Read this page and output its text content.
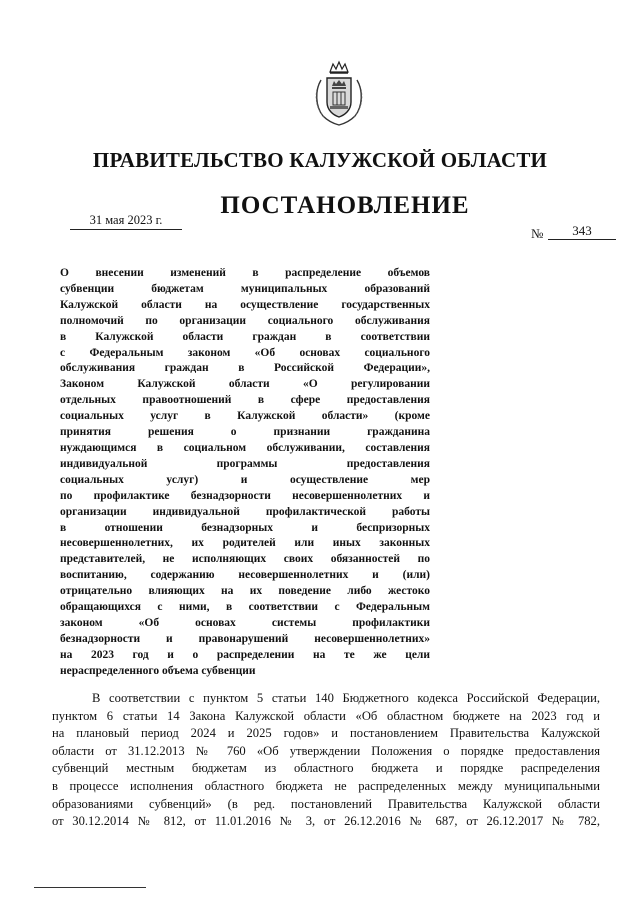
ПРАВИТЕЛЬСТВО КАЛУЖСКОЙ ОБЛАСТИ
ПОСТАНОВЛЕНИЕ
31 мая 2023 г.
№	343
О внесении изменений в распределение объемов
субвенции бюджетам муниципальных образований
Калужской области на осуществление государственных
полномочий по организации социального обслуживания
в Калужской области граждан в соответствии
с Федеральным законом «Об основах социального
обслуживания граждан в Российской Федерации»,
Законом Калужской области «О регулировании
отдельных правоотношений в сфере предоставления
социальных услуг в Калужской области» (кроме
принятия решения о признании гражданина
нуждающимся в социальном обслуживании, составления
индивидуальной программы предоставления
социальных услуг) и осуществление мер
по профилактике безнадзорности несовершеннолетних и
организации индивидуальной профилактической работы
в отношении безнадзорных и беспризорных
несовершеннолетних, их родителей или иных законных
представителей, не исполняющих своих обязанностей по
воспитанию, содержанию несовершеннолетних и (или)
отрицательно влияющих на их поведение либо жестоко
обращающихся с ними, в соответствии с Федеральным
законом «Об основах системы профилактики
безнадзорности и правонарушений несовершеннолетних»
на 2023 год и о распределении на те же цели
нераспределенного объема субвенции
В соответствии с пунктом 5 статьи 140 Бюджетного кодекса Российской Федерации,
пунктом 6 статьи 14 Закона Калужской области «Об областном бюджете на 2023 год и
на плановый период 2024 и 2025 годов» и постановлением Правительства Калужской
области от 31.12.2013 № 760 «Об утверждении Положения о порядке предоставления
субвенций местным бюджетам из областного бюджета и порядке распределения
в процессе исполнения областного бюджета не распределенных между муниципальными
образованиями субвенций» (в ред. постановлений Правительства Калужской области
от 30.12.2014 № 812, от 11.01.2016 № 3, от 26.12.2016 № 687, от 26.12.2017 № 782,
